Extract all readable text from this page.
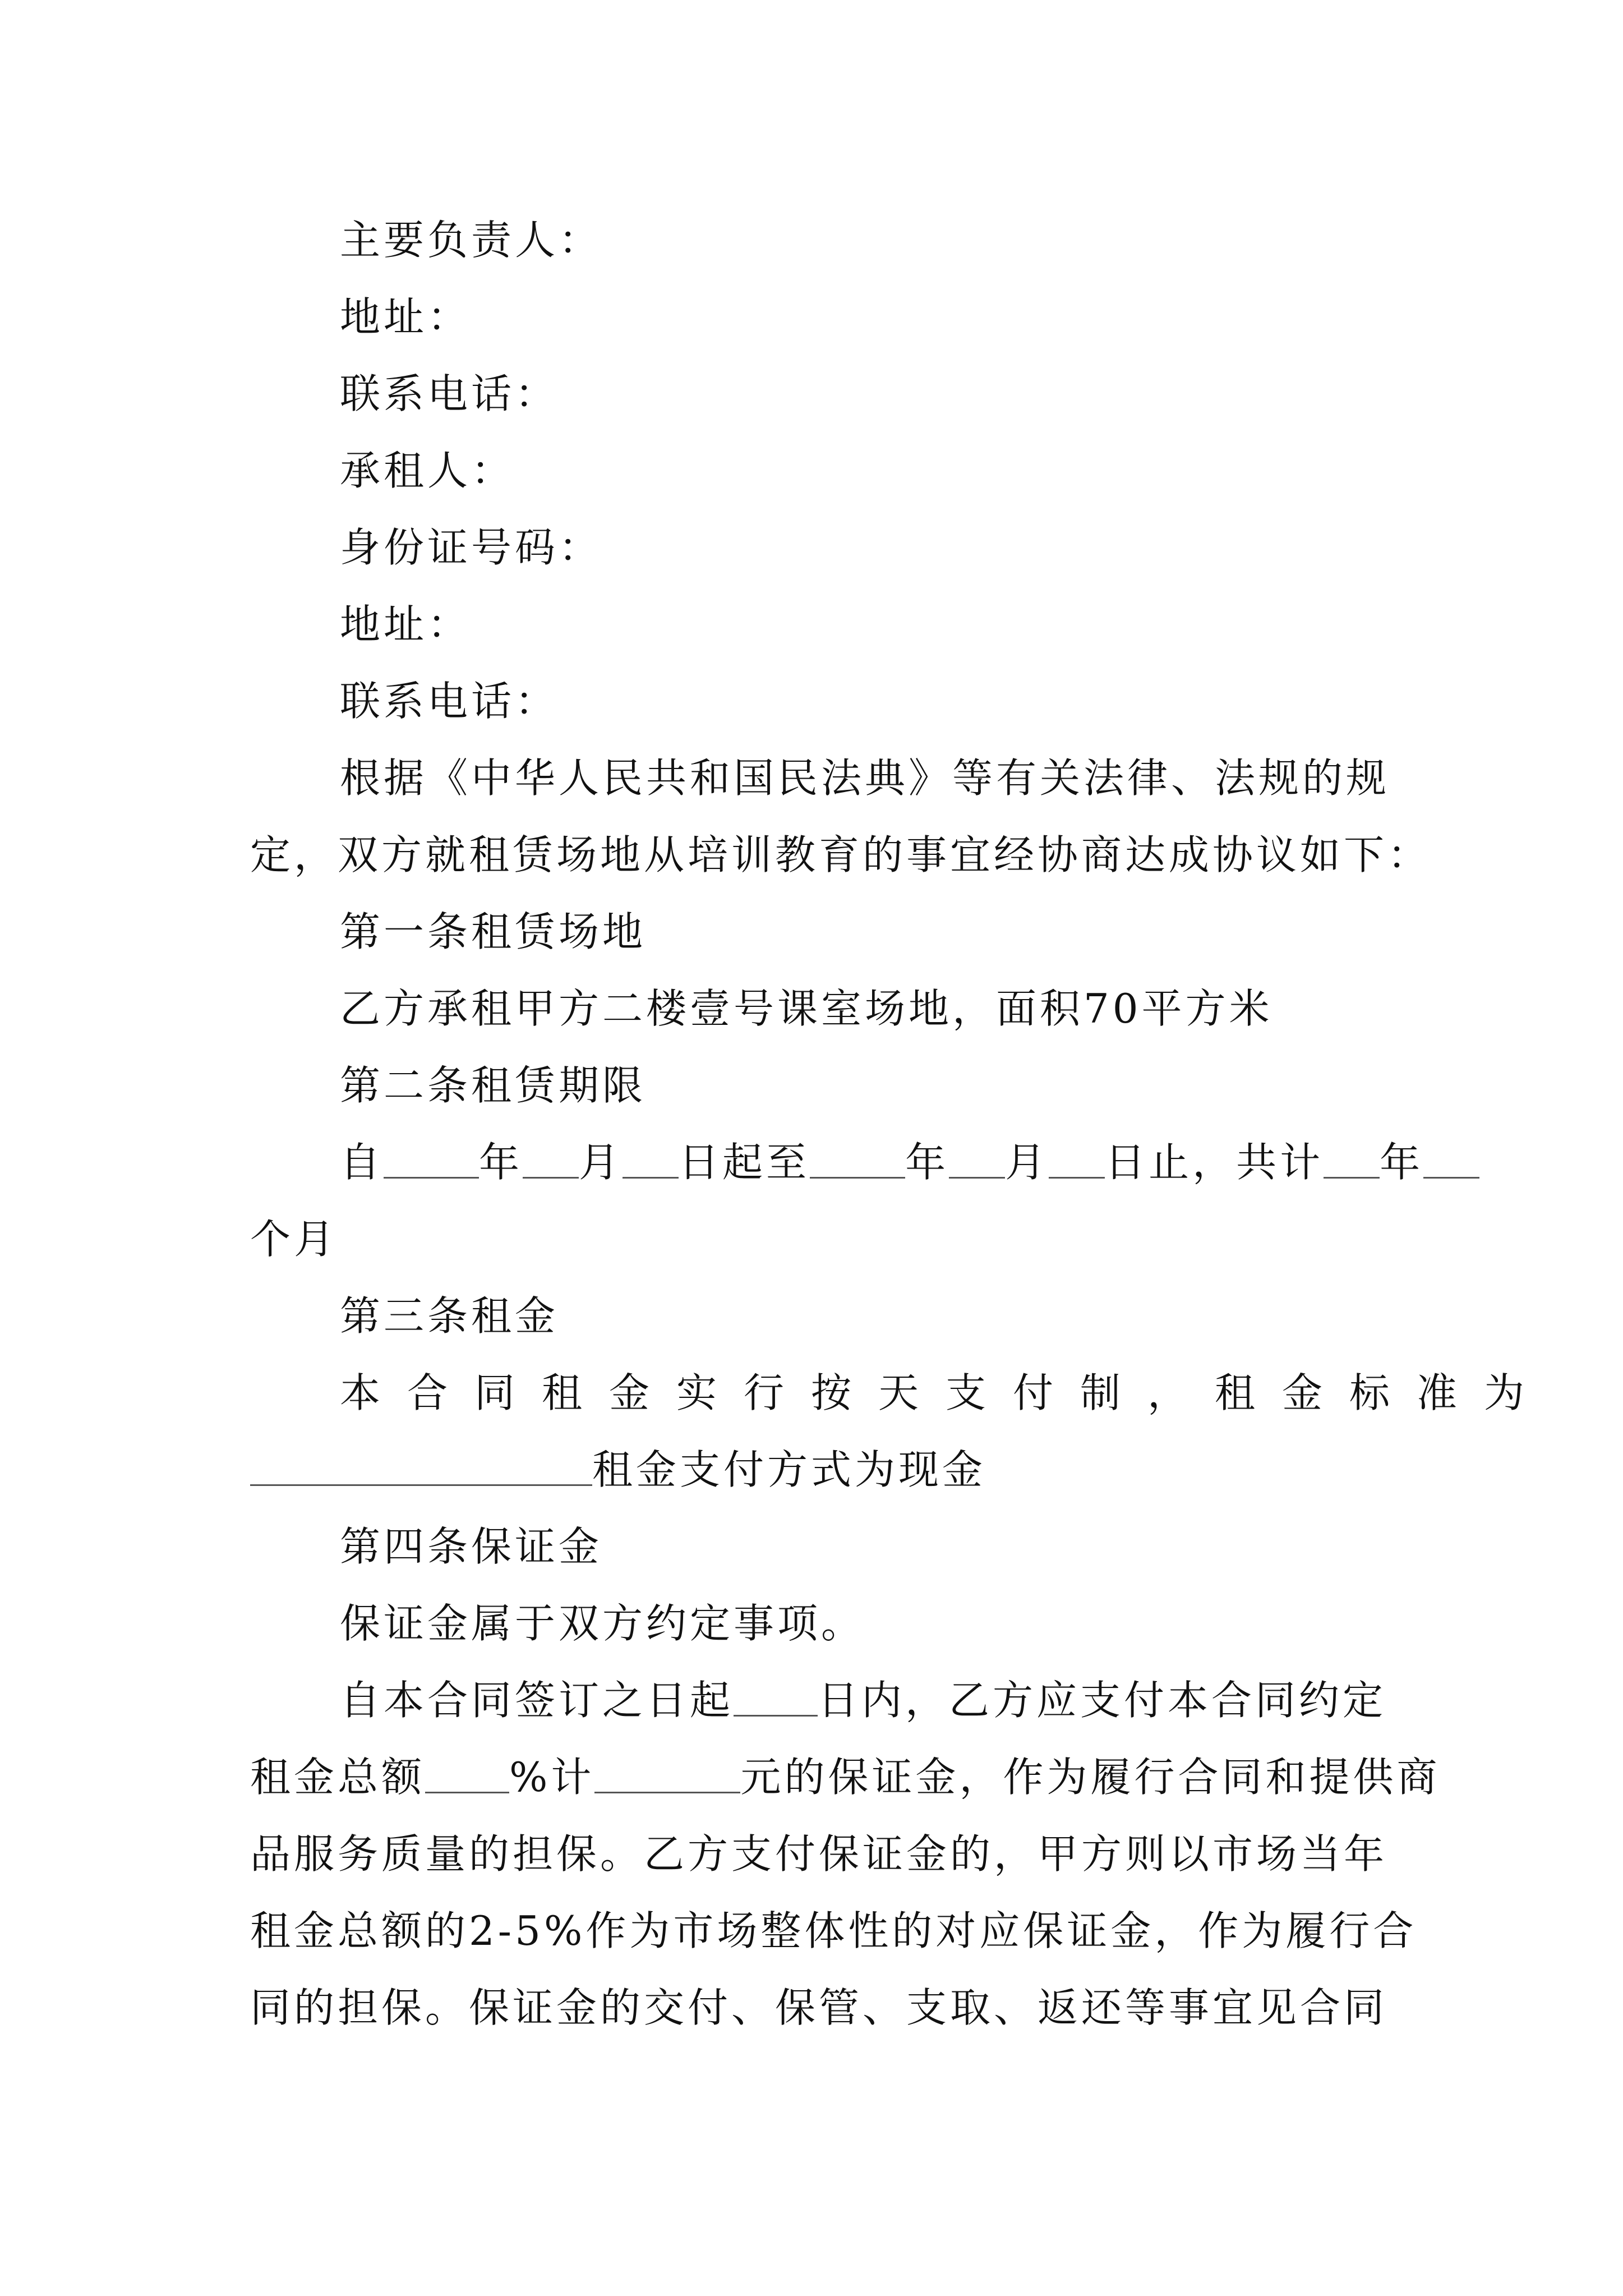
主要负责人：
地址：
联系电话：
承租人：
身份证号码：
地址：
联系电话：
根据《中华人民共和国民法典》等有关法律、法规的规
定，双方就租赁场地从培训教育的事宜经协商达成协议如下：
第一条租赁场地
乙方承租甲方二楼壹号课室场地，面积70平方米
第二条租赁期限
自 年 月 日起至 年 月 日止，共计 年
个月
第三条租金
本合同租金实行按天支付制，租金标准为
租金支付方式为现金
第四条保证金
保证金属于双方约定事项。
自本合同签订之日起 日内，乙方应支付本合同约定
租金总额 %计	元的保证金，作为履行合同和提供商
品服务质量的担保。乙方支付保证金的，甲方则以市场当年
租金总额的2-5%作为市场整体性的对应保证金，作为履行合
同的担保。保证金的交付、保管、支取、返还等事宜见合同
